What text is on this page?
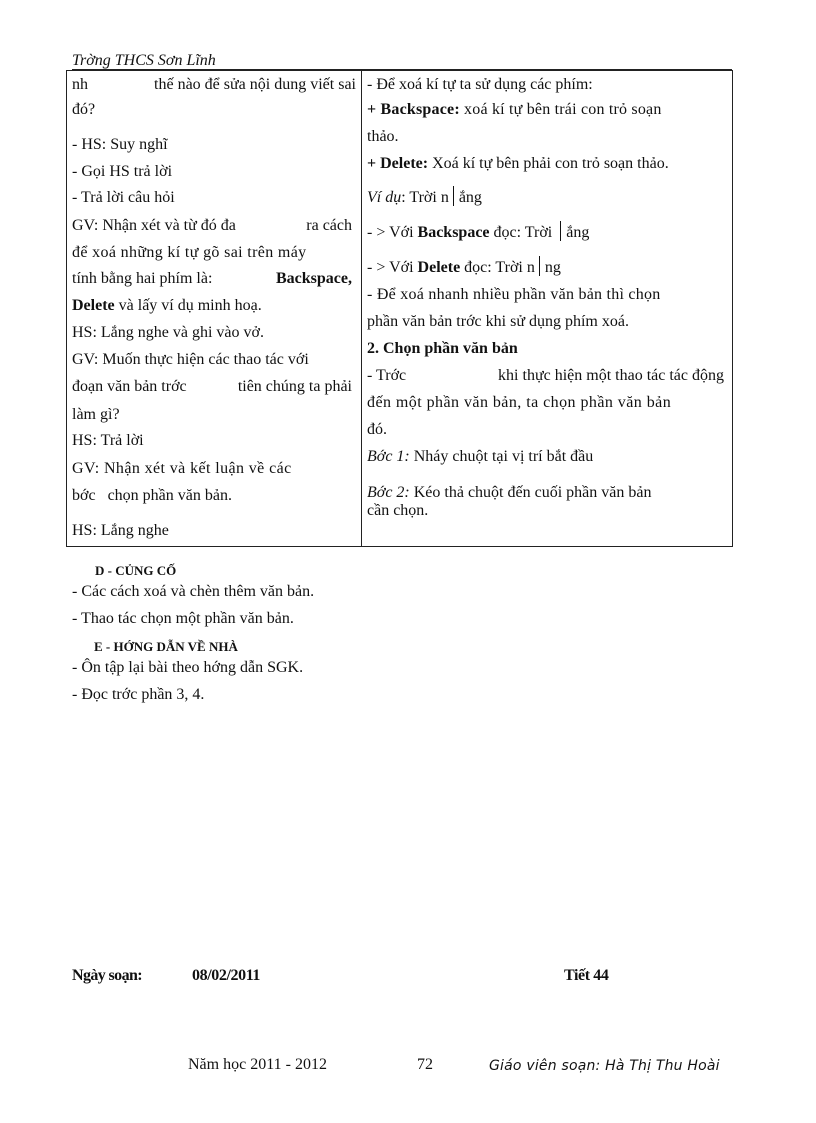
Trờng THCS Sơn Lĩnh
nh	thế nào để sửa nội dung viết sai
đó?
- HS: Suy nghĩ
- Gọi HS trả lời
- Trả lời câu hỏi
GV: Nhận xét và từ đó đa	ra cách
để xoá những kí tự gõ sai trên máy
tính bằng hai phím là:	Backspace,
Delete và lấy ví dụ minh hoạ.
HS: Lắng nghe và ghi vào vở.
GV: Muốn thực hiện các thao tác với
đoạn văn bản trớc	tiên chúng ta phải
làm gì?
HS: Trả lời
GV: Nhận xét và kết luận về các
bớc chọn phần văn bản.
HS: Lắng nghe
- Để xoá kí tự ta sử dụng các phím:
+ Backspace: xoá kí tự bên trái con trỏ soạn
thảo.
+ Delete: Xoá kí tự bên phải con trỏ soạn thảo.
Ví dụ: Trời n ắng
- > Với Backspace đọc: Trời ắng
- > Với Delete đọc: Trời n ng
- Để xoá nhanh nhiều phần văn bản thì chọn
phần văn bản trớc khi sử dụng phím xoá.
2. Chọn phần văn bản
- Trớc	khi thực hiện một thao tác tác động
đến một phần văn bản, ta chọn phần văn bản
đó.
Bớc 1: Nháy chuột tại vị trí bắt đầu
Bớc 2: Kéo thả chuột đến cuối phần văn bản
cần chọn.
D - CỦNG CỐ
- Các cách xoá và chèn thêm văn bản.
- Thao tác chọn một phần văn bản.
E - HỚNG DẪN VỀ NHÀ
- Ôn tập lại bài theo hớng dẫn SGK.
- Đọc trớc phần 3, 4.
Ngày soạn:	08/02/2011	Tiết 44
Năm học 2011 - 2012	72	Giáo viên soạn: Hà Thị Thu Hoài
